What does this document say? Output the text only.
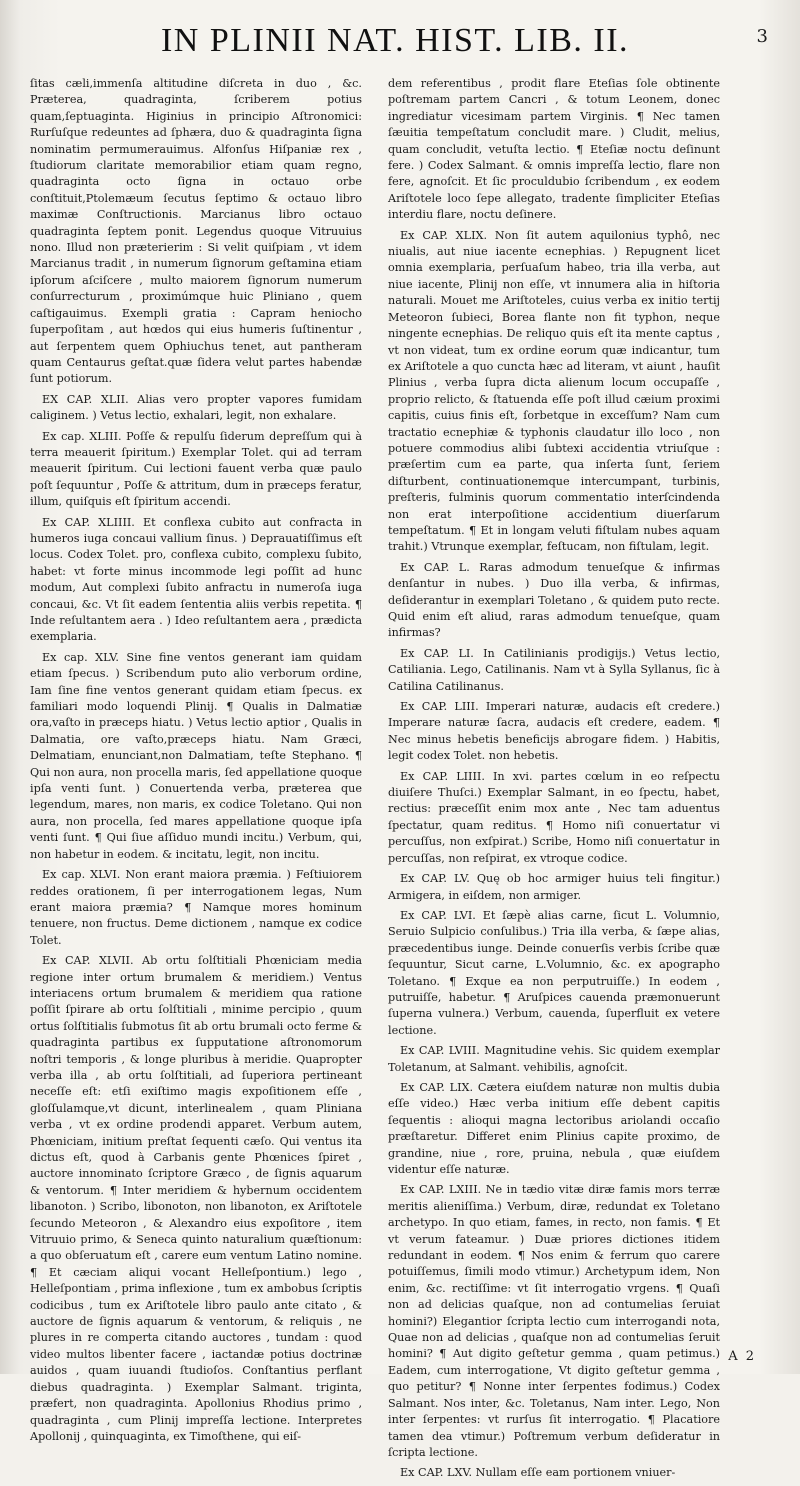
IN PLINII NAT. HIST. LIB. II.	3

ſitas cæli,immenſa altitudine diſcreta in duo , &c. Præterea, quadraginta, ſcriberem potius quam,ſeptuaginta. Higinius in principio Aſtronomici: Rurſuſque redeuntes ad ſphæra, duo & quadraginta ſigna nominatim permumerauimus. Alfonſus Hiſpaniæ rex , ſtudiorum claritate memorabilior etiam quam regno, quadraginta octo ſigna in octauo orbe conſtituit,Ptolemæum ſecutus ſeptimo & octauo libro maximæ Conſtructionis. Marcianus libro octauo quadraginta ſeptem ponit. Legendus quoque Vitruuius nono. Illud non præterierim : Si velit quiſpiam , vt idem Marcianus tradit , in numerum ſignorum geſtamina etiam ipſorum aſciſcere , multo maiorem ſignorum numerum conſurrecturum , proximúmque huic Pliniano , quem caſtigauimus. Exempli gratia : Capram heniocho ſuperpoſitam , aut hœdos qui eius humeris ſuſtinentur , aut ſerpentem quem Ophiuchus tenet, aut pantheram quam Centaurus geſtat.quæ ſidera velut partes habendæ ſunt potiorum.

EX CAP. XLII. Alias vero propter vapores fumidam caliginem. ) Vetus lectio, exhalari, legit, non exhalare.

Ex cap. XLIII. Poſſe & repulſu ſiderum depreſſum qui à terra meauerit ſpiritum.) Exemplar Tolet. qui ad terram meauerit ſpiritum. Cui lectioni fauent verba quæ paulo poſt ſequuntur , Poſſe & attritum, dum in præceps feratur, illum, quiſquis eſt ſpiritum accendi.

Ex CAP. XLIIII. Et conflexa cubito aut confracta in humeros iuga concaui vallium ſinus. ) Deprauatiſſimus eſt locus. Codex Tolet. pro, conflexa cubito, complexu ſubito, habet: vt forte minus incommode legi poſſit ad hunc modum, Aut complexi ſubito anfractu in numeroſa iuga concaui, &c. Vt ſit eadem ſententia aliis verbis repetita. ¶ Inde reſultantem aera . ) Ideo reſultantem aera , prædicta exemplaria.

Ex cap. XLV. Sine fine ventos generant iam quidam etiam ſpecus. ) Scribendum puto alio verborum ordine, Iam ſine fine ventos generant quidam etiam ſpecus. ex familiari modo loquendi Plinij. ¶ Qualis in Dalmatiæ ora,vaſto in præceps hiatu. ) Vetus lectio aptior , Qualis in Dalmatia, ore vaſto,præceps hiatu. Nam Græci, Delmatiam, enunciant,non Dalmatiam, teſte Stephano. ¶ Qui non aura, non procella maris, ſed appellatione quoque ipſa venti ſunt. ) Conuertenda verba, præterea que legendum, mares, non maris, ex codice Toletano. Qui non aura, non procella, ſed mares appellatione quoque ipſa venti ſunt. ¶ Qui ſiue aſſiduo mundi incitu.) Verbum, qui, non habetur in eodem. & incitatu, legit, non incitu.

Ex cap. XLVI. Non erant maiora præmia. ) Feſtiuiorem reddes orationem, ſi per interrogationem legas, Num erant maiora præmia? ¶ Namque mores hominum tenuere, non fructus. Deme dictionem , namque ex codice Tolet.

Ex CAP. XLVII. Ab ortu ſolſtitiali Phœniciam media regione inter ortum brumalem & meridiem.) Ventus interiacens ortum brumalem & meridiem qua ratione poſſit ſpirare ab ortu ſolſtitiali , minime percipio , quum ortus ſolſtitialis ſubmotus ſit ab ortu brumali octo ferme & quadraginta partibus ex ſupputatione aſtronomorum noſtri temporis , & longe pluribus à meridie. Quapropter verba illa , ab ortu ſolſtitiali, ad ſuperiora pertineant neceſſe eſt: etſi exiſtimo magis expoſitionem eſſe , gloſſulamque,vt dicunt, interlinealem , quam Pliniana verba , vt ex ordine prodendi apparet. Verbum autem, Phœniciam, initium preſtat ſequenti cæſo. Qui ventus ita dictus eſt, quod à Carbanis gente Phœnices ſpiret , auctore innominato ſcriptore Græco , de ſignis aquarum & ventorum. ¶ Inter meridiem & hybernum occidentem libanoton. ) Scribo, libonoton, non libanoton, ex Ariſtotele ſecundo Meteoron , & Alexandro eius expoſitore , item Vitruuio primo, & Seneca quinto naturalium quæſtionum: a quo obſeruatum eſt , carere eum ventum Latino nomine. ¶ Et cæciam aliqui vocant Helleſpontium.) lego , Helleſpontiam , prima inflexione , tum ex ambobus ſcriptis codicibus , tum ex Ariſtotele libro paulo ante citato , & auctore de ſignis aquarum & ventorum, & reliquis , ne plures in re comperta citando auctores , tundam : quod video multos libenter facere , iactandæ potius doctrinæ auidos , quam iuuandi ſtudioſos. Conſtantius perflant diebus quadraginta. ) Exemplar Salmant. triginta, præfert, non quadraginta. Apollonius Rhodius primo , quadraginta , cum Plinij impreſſa lectione. Interpretes Apollonij , quinquaginta, ex Timoſthene, qui eiſ-

dem referentibus , prodit flare Eteſias ſole obtinente poſtremam partem Cancri , & totum Leonem, donec ingrediatur vicesimam partem Virginis. ¶ Nec tamen ſæuitia tempeſtatum concludit mare. ) Cludit, melius, quam concludit, vetuſta lectio. ¶ Eteſiæ noctu deſinunt fere. ) Codex Salmant. & omnis impreſſa lectio, flare non fere, agnoſcit. Et ſic proculdubio ſcribendum , ex eodem Ariſtotele loco ſepe allegato, tradente ſimpliciter Eteſias interdiu flare, noctu deſinere.

Ex CAP. XLIX. Non ſit autem aquilonius typhô, nec niualis, aut niue iacente ecnephias. ) Repugnent licet omnia exemplaria, perſuaſum habeo, tria illa verba, aut niue iacente, Plinij non eſſe, vt innumera alia in hiſtoria naturali. Mouet me Ariſtoteles, cuius verba ex initio tertij Meteoron ſubieci, Borea flante non fit typhon, neque ningente ecnephias. De reliquo quis eſt ita mente captus , vt non videat, tum ex ordine eorum quæ indicantur, tum ex Ariſtotele a quo cuncta hæc ad literam, vt aiunt , hauſit Plinius , verba ſupra dicta alienum locum occupaſſe , proprio relicto, & ſtatuenda eſſe poſt illud cæium proximi capitis, cuius finis eſt, ſorbetque in exceſſum? Nam cum tractatio ecnephiæ & typhonis claudatur illo loco , non potuere commodius alibi ſubtexi accidentia vtriuſque : præſertim cum ea parte, qua inſerta ſunt, ſeriem diſturbent, continuationemque intercumpant, turbinis, preſteris, fulminis quorum commentatio interſcindenda non erat interpoſitione accidentium diuerſarum tempeſtatum. ¶ Et in longam veluti fiſtulam nubes aquam trahit.) Vtrunque exemplar, feſtucam, non fiſtulam, legit.

Ex CAP. L. Raras admodum tenueſque & infirmas denſantur in nubes. ) Duo illa verba, & infirmas, deſiderantur in exemplari Toletano , & quidem puto recte. Quid enim eſt aliud, raras admodum tenueſque, quam infirmas?

Ex CAP. LI. In Catilinianis prodigijs.) Vetus lectio, Catiliania. Lego, Catilinanis. Nam vt à Sylla Syllanus, ſic à Catilina Catilinanus.

Ex CAP. LIII. Imperari naturæ, audacis eſt credere.) Imperare naturæ ſacra, audacis eſt credere, eadem. ¶ Nec minus hebetis beneficijs abrogare fidem. ) Habitis, legit codex Tolet. non hebetis.

Ex CAP. LIIII. In xvi. partes cœlum in eo reſpectu diuiſere Thuſci.) Exemplar Salmant, in eo ſpectu, habet, rectius: præceſſit enim mox ante , Nec tam aduentus ſpectatur, quam reditus. ¶ Homo niſi conuertatur vi percuſſus, non exſpirat.) Scribe, Homo niſi conuertatur in percuſſas, non reſpirat, ex vtroque codice.

Ex CAP. LV. Quę ob hoc armiger huius teli fingitur.) Armigera, in eiſdem, non armiger.

Ex CAP. LVI. Et ſæpè alias carne, ſicut L. Volumnio, Seruio Sulpicio conſulibus.) Tria illa verba, & ſæpe alias, præcedentibus iunge. Deinde conuerſis verbis ſcribe quæ ſequuntur, Sicut carne, L.Volumnio, &c. ex apographo Toletano. ¶ Exque ea non perputruiſſe.) In eodem , putruiſſe, habetur. ¶ Aruſpices cauenda præmonuerunt ſuperna vulnera.) Verbum, cauenda, ſuperfluit ex vetere lectione.

Ex CAP. LVIII. Magnitudine vehis. Sic quidem exemplar Toletanum, at Salmant. vehibilis, agnoſcit.

Ex CAP. LIX. Cætera eiuſdem naturæ non multis dubia eſſe video.) Hæc verba initium eſſe debent capitis ſequentis : alioqui magna lectoribus ariolandi occaſio præſtaretur. Differet enim Plinius capite proximo, de grandine, niue , rore, pruina, nebula , quæ eiuſdem videntur eſſe naturæ.

Ex CAP. LXIII. Ne in tædio vitæ diræ famis mors terræ meritis alieniſſima.) Verbum, diræ, redundat ex Toletano archetypo. In quo etiam, fames, in recto, non famis. ¶ Et vt verum fateamur. ) Duæ priores dictiones itidem redundant in eodem. ¶ Nos enim & ferrum quo carere potuiſſemus, ſimili modo vtimur.) Archetypum idem, Non enim, &c. rectiſſime: vt ſit interrogatio vrgens. ¶ Quaſi non ad delicias quaſque, non ad contumelias ſeruiat homini?) Elegantior ſcripta lectio cum interrogandi nota, Quae non ad delicias , quaſque non ad contumelias ſeruit homini? ¶ Aut digito geſtetur gemma , quam petimus.) Eadem, cum interrogatione, Vt digito geſtetur gemma , quo petitur? ¶ Nonne inter ſerpentes fodimus.) Codex Salmant. Nos inter, &c. Toletanus, Nam inter. Lego, Non inter ſerpentes: vt rurſus ſit interrogatio. ¶ Placatiore tamen dea vtimur.) Poſtremum verbum deſideratur in ſcripta lectione.

Ex CAP. LXV. Nullam eſſe eam portionem vniuer-

A 2
